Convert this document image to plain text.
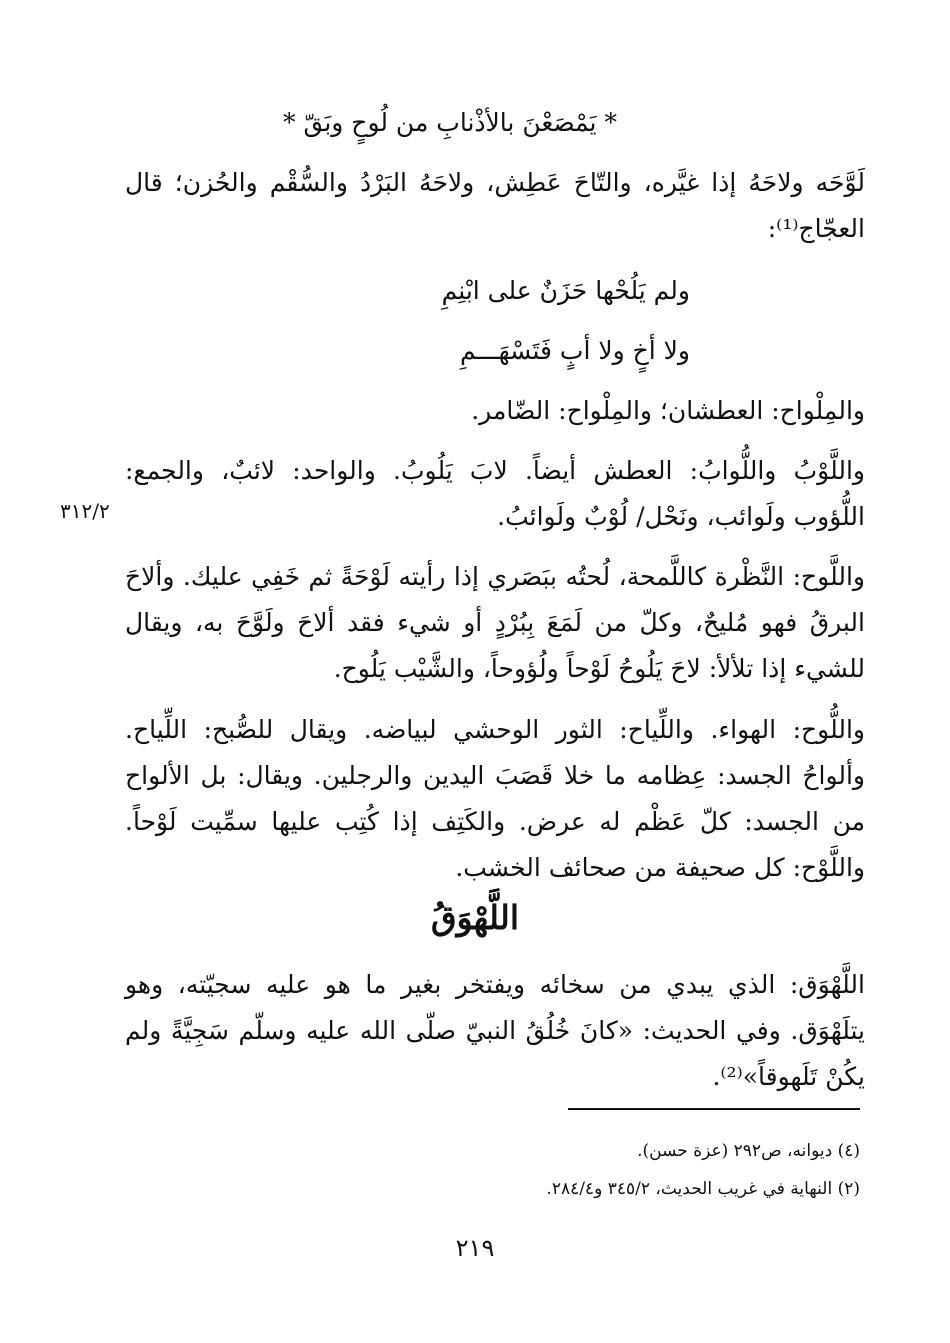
* يَمْصَعْنَ بالأذْنابِ من لُوحٍ وبَقّ *

لَوَّحَه ولاحَهُ إذا غيَّره، والتّاحَ عَطِش، ولاحَهُ البَرْدُ والسُّقْم والحُزن؛ قال العجّاج⁽¹⁾:

ولم يَلُحْها حَزَنٌ على ابْنِمِ

ولا أخٍ ولا أبٍ فَتَسْهَـــمِ

والمِلْواح: العطشان؛ والمِلْواح: الضّامر.

واللَّوْبُ واللُّوابُ: العطش أيضاً. لابَ يَلُوبُ. والواحد: لائبٌ، والجمع: اللُّؤوب ولَوائب، ونَحْل/ لُوْبٌ ولَوائبُ.

٣١٢/٢

واللَّوح: النَّظْرة كاللَّمحة، لُحتُه ببَصَري إذا رأيته لَوْحَةً ثم خَفِي عليك. وألاحَ البرقُ فهو مُليحٌ، وكلّ من لَمَعَ بِبُرْدٍ أو شيء فقد ألاحَ ولَوَّحَ به، ويقال للشيء إذا تلألأ: لاحَ يَلُوحُ لَوْحاً ولُؤوحاً، والشَّيْب يَلُوح.

واللُّوح: الهواء. واللِّياح: الثور الوحشي لبياضه. ويقال للصُّبح: اللِّياح. وألواحُ الجسد: عِظامه ما خلا قَصَبَ اليدين والرجلين. ويقال: بل الألواح من الجسد: كلّ عَظْم له عرض. والكَتِف إذا كُتِب عليها سمِّيت لَوْحاً. واللَّوْح: كل صحيفة من صحائف الخشب.

اللَّهْوَقُ

اللَّهْوَق: الذي يبدي من سخائه ويفتخر بغير ما هو عليه سجيّته، وهو يتلَهْوَق. وفي الحديث: «كانَ خُلُقُ النبيّ صلّى الله عليه وسلّم سَجِيَّةً ولم يكُنْ تَلَهوقاً»⁽²⁾.

(٤) ديوانه، ص٢٩٢ (عزة حسن).

(٢) النهاية في غريب الحديث، ٣٤٥/٢ و٢٨٤/٤.

٢١٩
